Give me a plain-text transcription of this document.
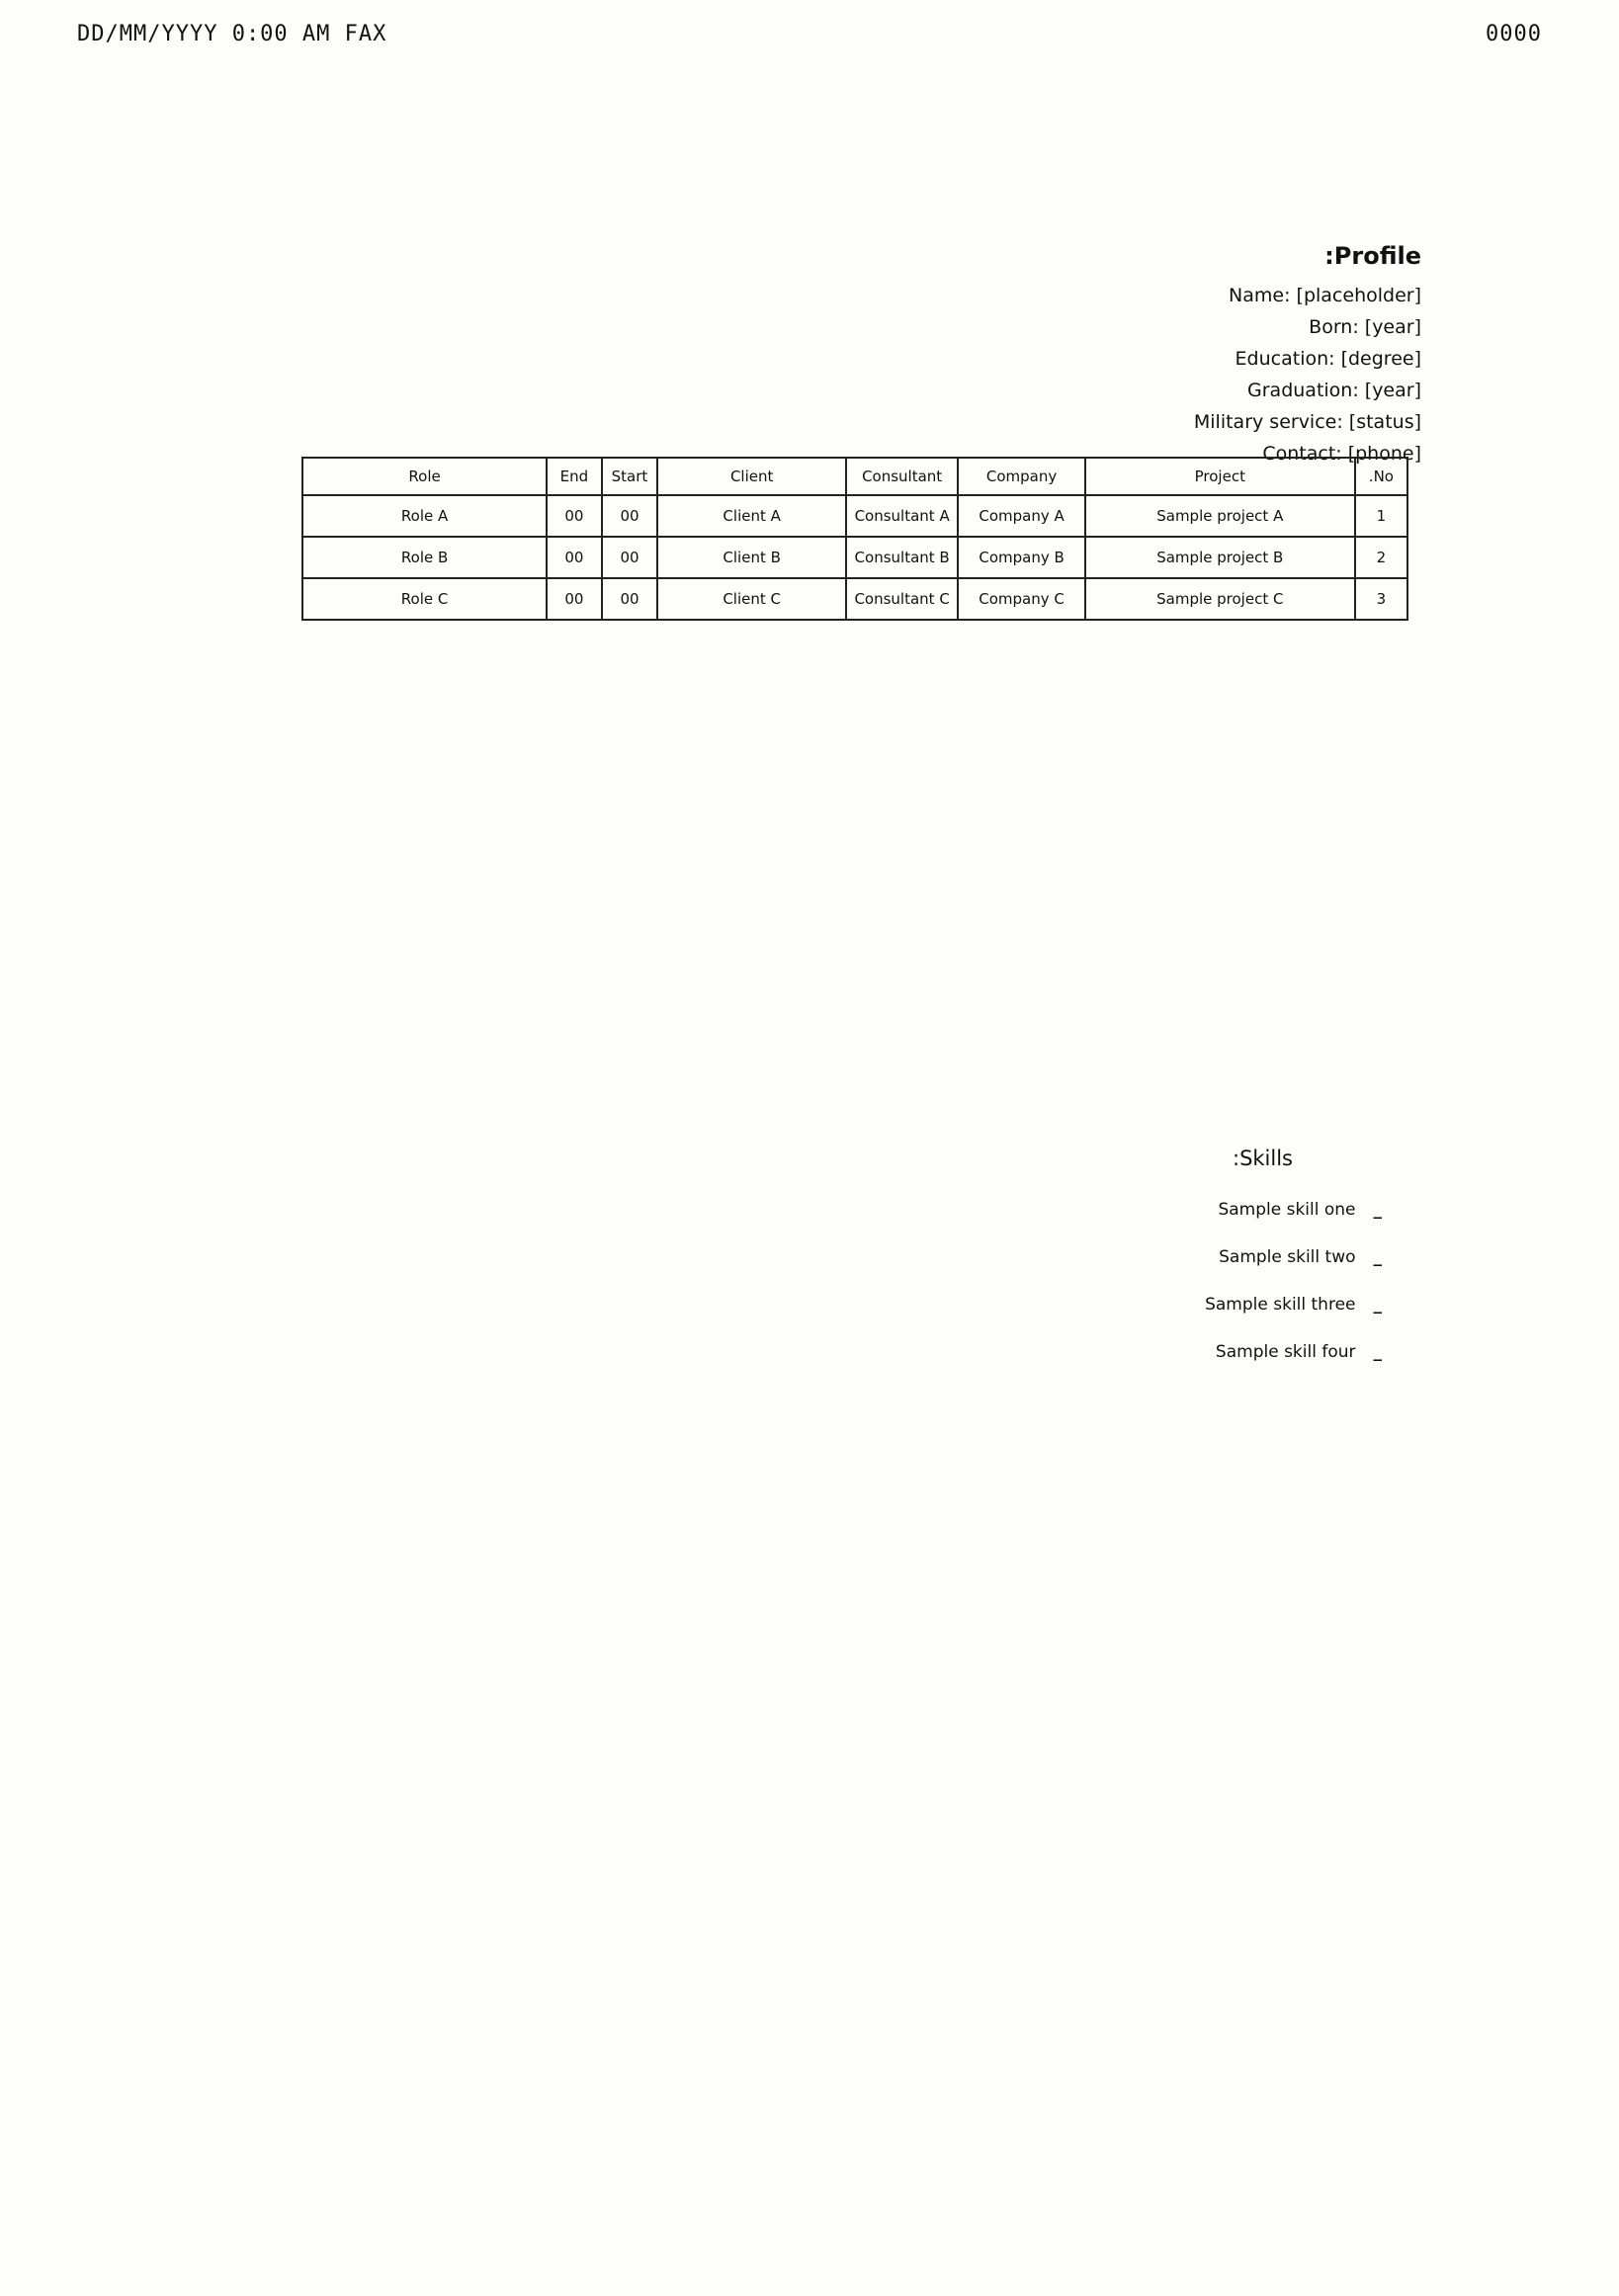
DD/MM/YYYY 0:00 AM FAX	0000
Profile:
Name: [placeholder]
Born: [year]
Education: [degree]
Graduation: [year]
Military service: [status]
Contact: [phone]
No.	Project	Company	Consultant	Client	Start	End	Role
1	Sample project A	Company A	Consultant A	Client A	00	00	Role A
2	Sample project B	Company B	Consultant B	Client B	00	00	Role B
3	Sample project C	Company C	Consultant C	Client C	00	00	Role C
Skills:
_
Sample skill one
_
Sample skill two
_
Sample skill three
_
Sample skill four
